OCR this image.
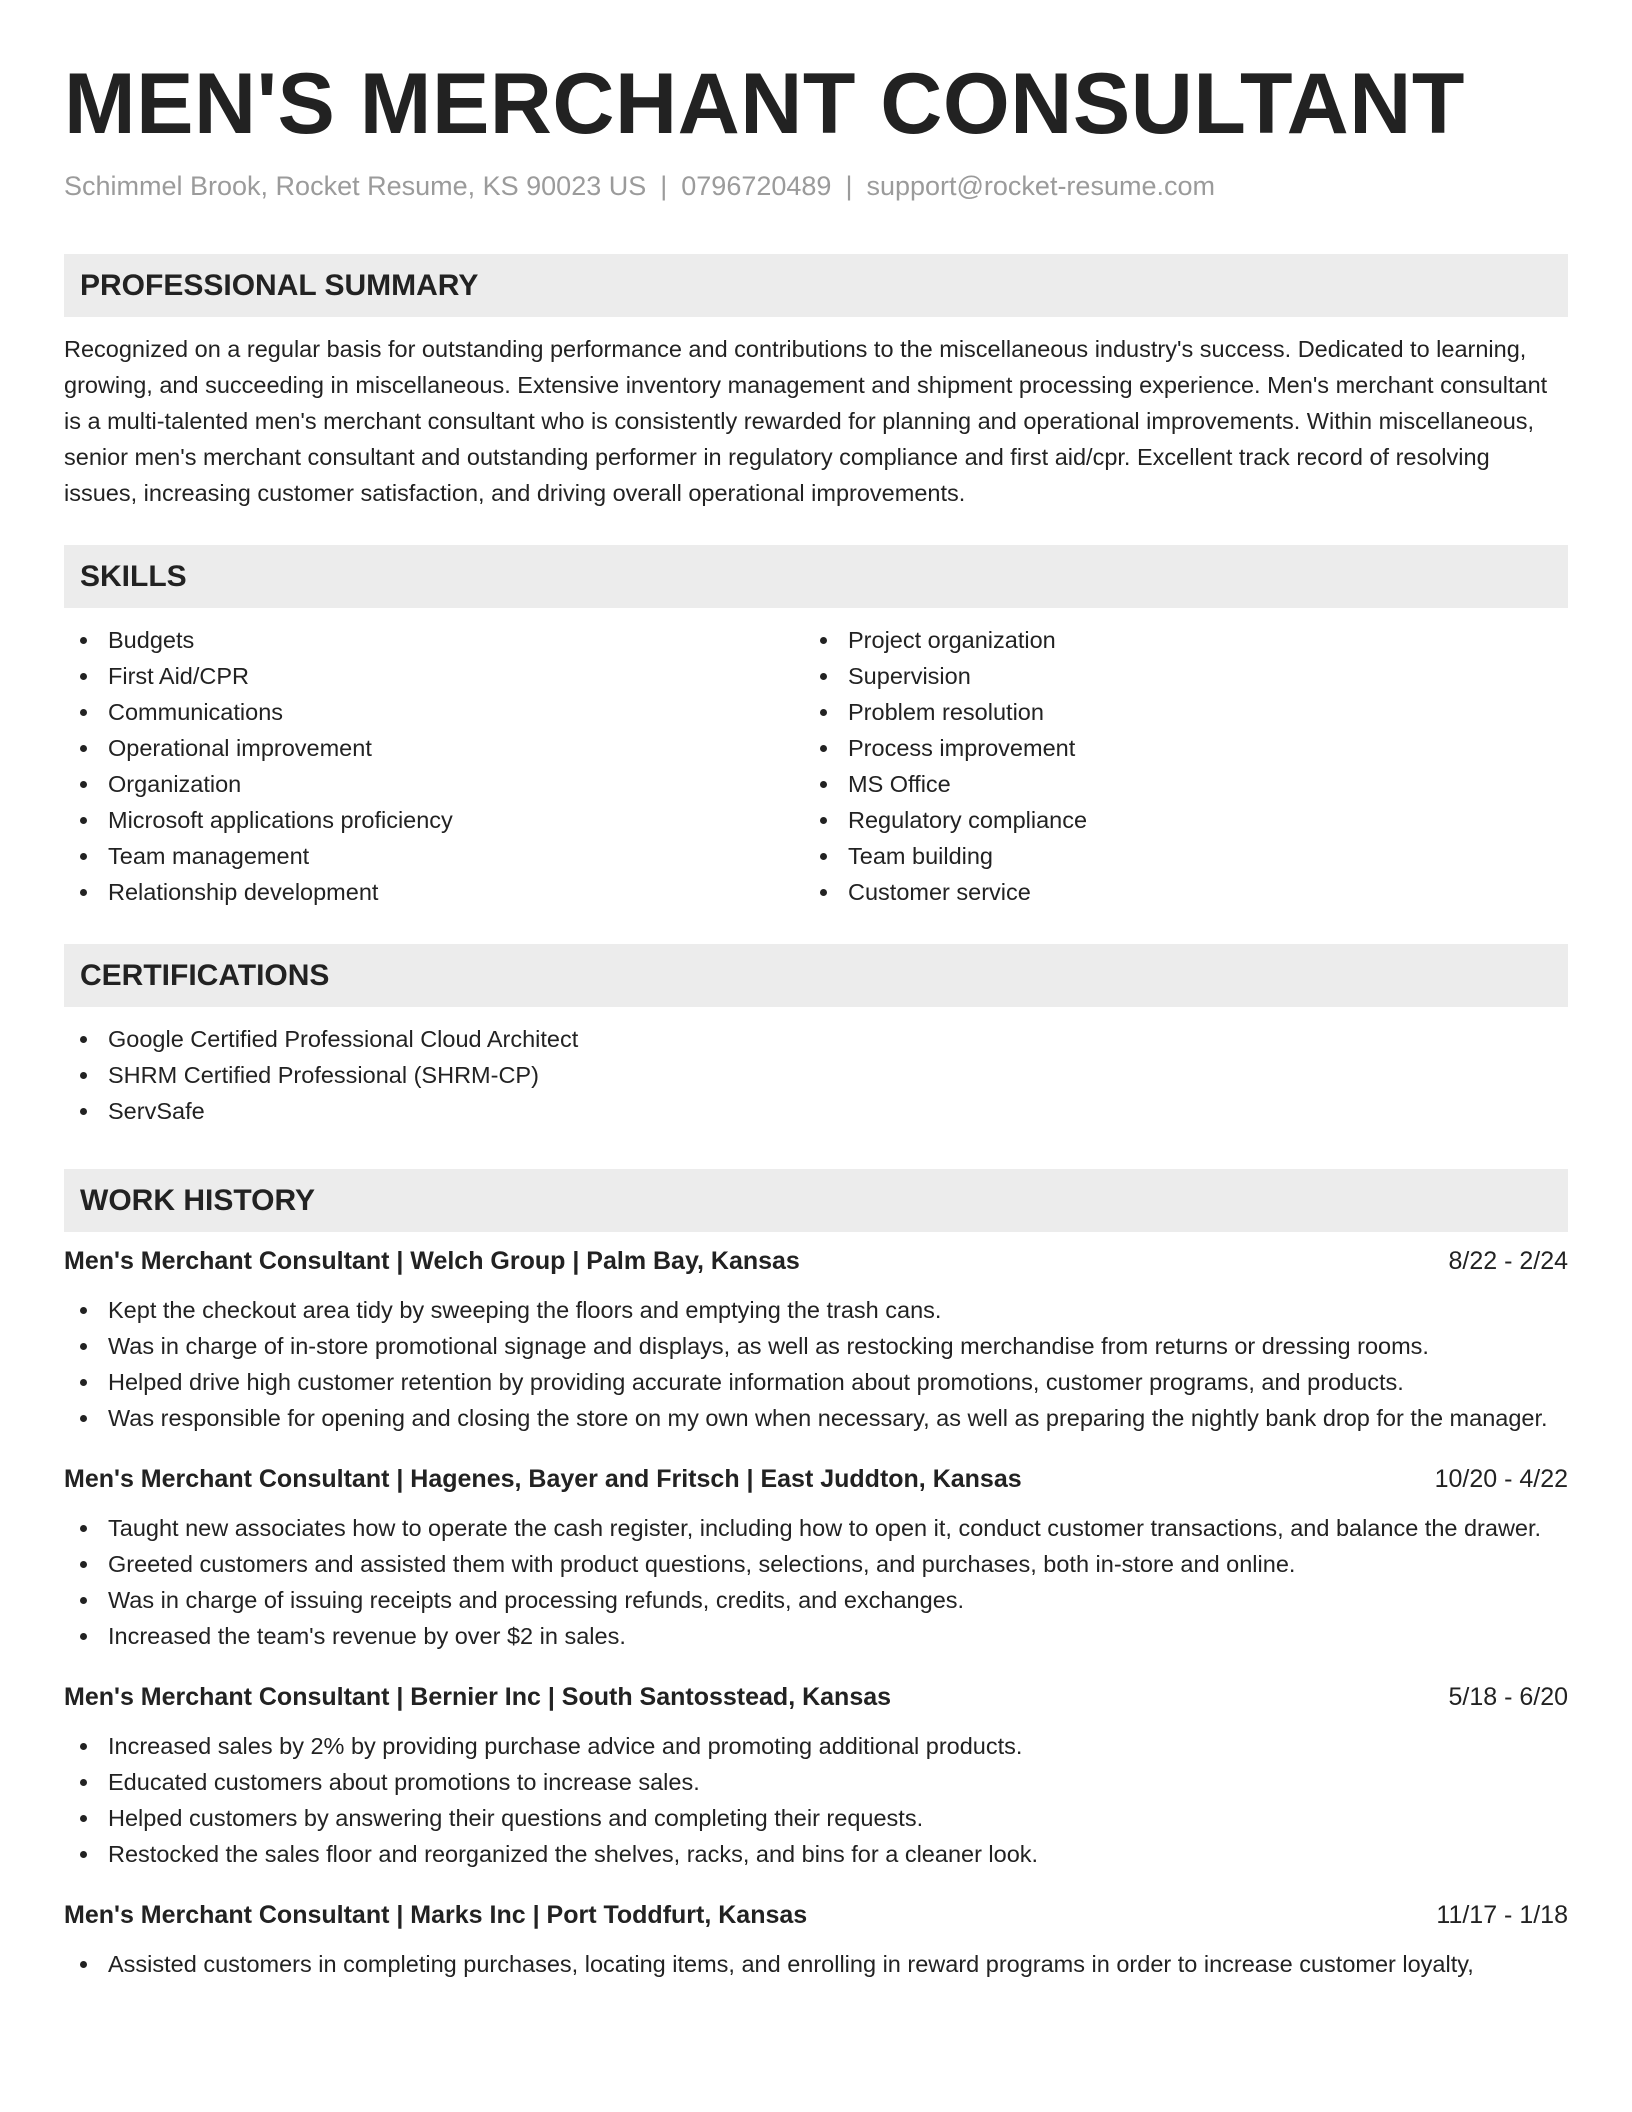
MEN'S MERCHANT CONSULTANT
Schimmel Brook, Rocket Resume, KS 90023 US | 0796720489 | support@rocket-resume.com
PROFESSIONAL SUMMARY

Recognized on a regular basis for outstanding performance and contributions to the miscellaneous industry's success. Dedicated to learning, growing, and succeeding in miscellaneous. Extensive inventory management and shipment processing experience. Men's merchant consultant is a multi-talented men's merchant consultant who is consistently rewarded for planning and operational improvements. Within miscellaneous, senior men's merchant consultant and outstanding performer in regulatory compliance and first aid/cpr. Excellent track record of resolving issues, increasing customer satisfaction, and driving overall operational improvements.

SKILLS
Budgets
First Aid/CPR
Communications
Operational improvement
Organization
Microsoft applications proficiency
Team management
Relationship development
Project organization
Supervision
Problem resolution
Process improvement
MS Office
Regulatory compliance
Team building
Customer service
CERTIFICATIONS
Google Certified Professional Cloud Architect
SHRM Certified Professional (SHRM-CP)
ServSafe
WORK HISTORY
Men's Merchant Consultant | Welch Group | Palm Bay, Kansas	8/22 - 2/24
Kept the checkout area tidy by sweeping the floors and emptying the trash cans.
Was in charge of in-store promotional signage and displays, as well as restocking merchandise from returns or dressing rooms.
Helped drive high customer retention by providing accurate information about promotions, customer programs, and products.
Was responsible for opening and closing the store on my own when necessary, as well as preparing the nightly bank drop for the manager.
Men's Merchant Consultant | Hagenes, Bayer and Fritsch | East Juddton, Kansas	10/20 - 4/22
Taught new associates how to operate the cash register, including how to open it, conduct customer transactions, and balance the drawer.
Greeted customers and assisted them with product questions, selections, and purchases, both in-store and online.
Was in charge of issuing receipts and processing refunds, credits, and exchanges.
Increased the team's revenue by over $2 in sales.
Men's Merchant Consultant | Bernier Inc | South Santosstead, Kansas	5/18 - 6/20
Increased sales by 2% by providing purchase advice and promoting additional products.
Educated customers about promotions to increase sales.
Helped customers by answering their questions and completing their requests.
Restocked the sales floor and reorganized the shelves, racks, and bins for a cleaner look.
Men's Merchant Consultant | Marks Inc | Port Toddfurt, Kansas	11/17 - 1/18
Assisted customers in completing purchases, locating items, and enrolling in reward programs in order to increase customer loyalty,
